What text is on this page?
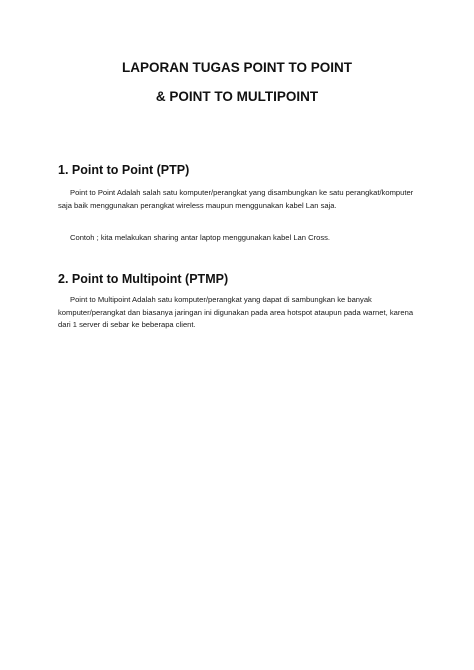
LAPORAN TUGAS POINT TO POINT

& POINT TO MULTIPOINT

1. Point to Point (PTP)

Point to Point Adalah salah satu komputer/perangkat yang disambungkan ke satu perangkat/komputer saja baik menggunakan perangkat wireless maupun menggunakan kabel Lan saja.

Contoh ; kita melakukan sharing antar laptop menggunakan kabel Lan Cross.

2. Point to Multipoint (PTMP)

Point to Multipoint Adalah satu komputer/perangkat yang dapat di sambungkan ke banyak komputer/perangkat dan biasanya jaringan ini digunakan pada area hotspot ataupun pada warnet, karena dari 1 server di sebar ke beberapa client.
